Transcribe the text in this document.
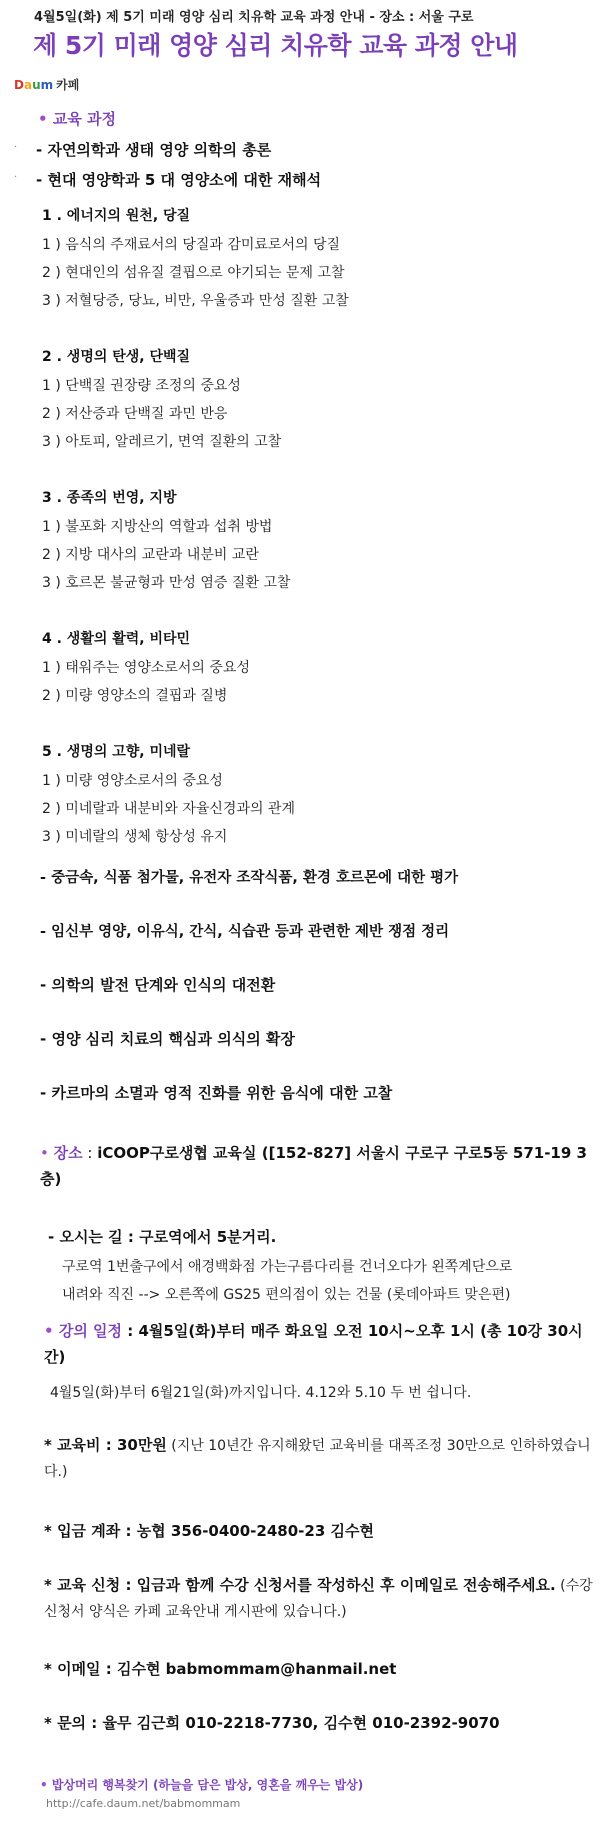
4월5일(화) 제 5기 미래 영양 심리 치유학 교육 과정 안내 - 장소 : 서울 구로
제 5기 미래 영양 심리 치유학 교육 과정 안내
Daum 카페
• 교육 과정
· - 자연의학과 생태 영양 의학의 총론
· - 현대 영양학과 5 대 영양소에 대한 재해석
1 . 에너지의 원천, 당질
1 ) 음식의 주재료서의 당질과 감미료로서의 당질
2 ) 현대인의 섬유질 결핍으로 야기되는 문제 고찰
3 ) 저혈당증, 당뇨, 비만, 우울증과 만성 질환 고찰
2 . 생명의 탄생, 단백질
1 ) 단백질 권장량 조정의 중요성
2 ) 저산증과 단백질 과민 반응
3 ) 아토피, 알레르기, 면역 질환의 고찰
3 . 종족의 번영, 지방
1 ) 불포화 지방산의 역할과 섭취 방법
2 ) 지방 대사의 교란과 내분비 교란
3 ) 호르몬 불균형과 만성 염증 질환 고찰
4 . 생활의 활력, 비타민
1 ) 태워주는 영양소로서의 중요성
2 ) 미량 영양소의 결핍과 질병
5 . 생명의 고향, 미네랄
1 ) 미량 영양소로서의 중요성
2 ) 미네랄과 내분비와 자율신경과의 관계
3 ) 미네랄의 생체 항상성 유지
- 중금속, 식품 첨가물, 유전자 조작식품, 환경 호르몬에 대한 평가
- 임신부 영양, 이유식, 간식, 식습관 등과 관련한 제반 쟁점 정리
- 의학의 발전 단계와 인식의 대전환
- 영양 심리 치료의 핵심과 의식의 확장
- 카르마의 소멸과 영적 진화를 위한 음식에 대한 고찰
• 장소 : iCOOP구로생협 교육실 ([152-827] 서울시 구로구 구로5동 571-19 3층)
- 오시는 길 : 구로역에서 5분거리.
구로역 1번출구에서 애경백화점 가는구름다리를 건너오다가 왼쪽계단으로
내려와 직진 --> 오른쪽에 GS25 편의점이 있는 건물 (롯데아파트 맞은편)
• 강의 일정 : 4월5일(화)부터 매주 화요일 오전 10시~오후 1시 (총 10강 30시간)
4월5일(화)부터 6월21일(화)까지입니다. 4.12와 5.10 두 번 쉽니다.
* 교육비 : 30만원 (지난 10년간 유지해왔던 교육비를 대폭조정 30만으로 인하하였습니다.)
* 입금 계좌 : 농협 356-0400-2480-23 김수현
* 교육 신청 : 입금과 함께 수강 신청서를 작성하신 후 이메일로 전송해주세요. (수강 신청서 양식은 카페 교육안내 게시판에 있습니다.)
* 이메일 : 김수현 babmommam@hanmail.net
* 문의 : 율무 김근희 010-2218-7730, 김수현 010-2392-9070
• 밥상머리 행복찾기 (하늘을 담은 밥상, 영혼을 깨우는 밥상)
http://cafe.daum.net/babmommam
